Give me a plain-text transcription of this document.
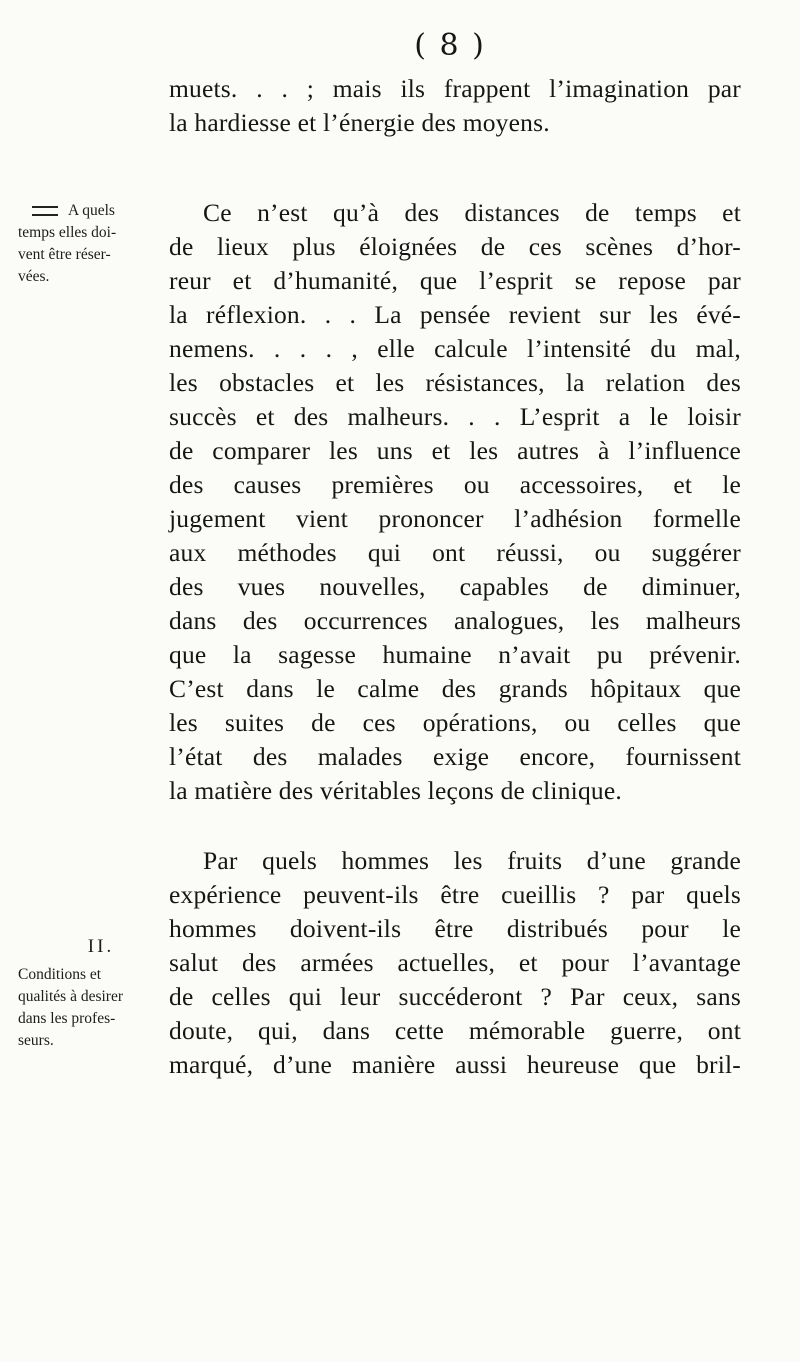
( 8 )
A quels
temps elles doi-
vent être réser-
vées.
II.
Conditions et
qualités à desirer
dans les profes-
seurs.
muets. . . ; mais ils frappent l’imagination par
la hardiesse et l’énergie des moyens.
Ce n’est qu’à des distances de temps et
de lieux plus éloignées de ces scènes d’hor-
reur et d’humanité, que l’esprit se repose par
la réflexion. . . La pensée revient sur les évé-
nemens. . . . , elle calcule l’intensité du mal,
les obstacles et les résistances, la relation des
succès et des malheurs. . . L’esprit a le loisir
de comparer les uns et les autres à l’influence
des causes premières ou accessoires, et le
jugement vient prononcer l’adhésion formelle
aux méthodes qui ont réussi, ou suggérer
des vues nouvelles, capables de diminuer,
dans des occurrences analogues, les malheurs
que la sagesse humaine n’avait pu prévenir.
C’est dans le calme des grands hôpitaux que
les suites de ces opérations, ou celles que
l’état des malades exige encore, fournissent
la matière des véritables leçons de clinique.
Par quels hommes les fruits d’une grande
expérience peuvent-ils être cueillis ? par quels
hommes doivent-ils être distribués pour le
salut des armées actuelles, et pour l’avantage
de celles qui leur succéderont ? Par ceux, sans
doute, qui, dans cette mémorable guerre, ont
marqué, d’une manière aussi heureuse que bril-
